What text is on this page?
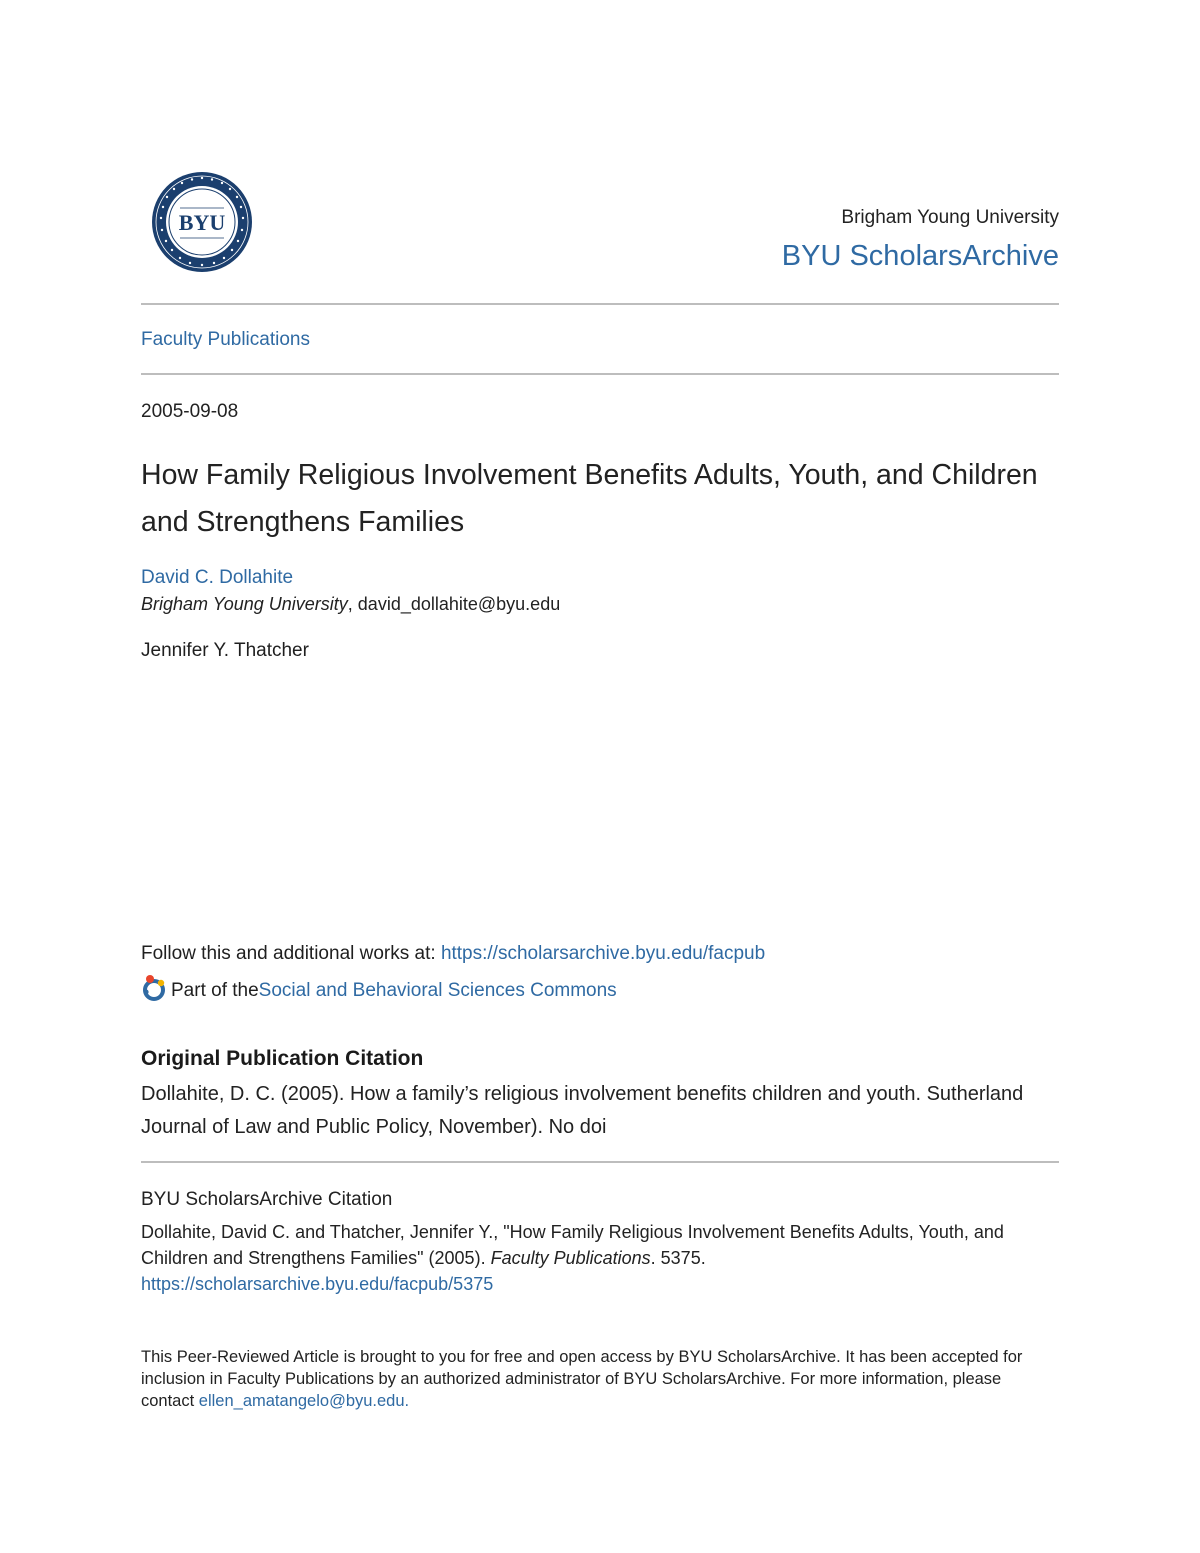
BYU	Brigham Young University
BYU ScholarsArchive
Faculty Publications
2005-09-08
How Family Religious Involvement Benefits Adults, Youth, and Children and Strengthens Families
David C. Dollahite
Brigham Young University, david_dollahite@byu.edu
Jennifer Y. Thatcher
Follow this and additional works at: https://scholarsarchive.byu.edu/facpub
Part of the Social and Behavioral Sciences Commons
Original Publication Citation
Dollahite, D. C. (2005). How a family’s religious involvement benefits children and youth. Sutherland Journal of Law and Public Policy, November). No doi
BYU ScholarsArchive Citation
Dollahite, David C. and Thatcher, Jennifer Y., "How Family Religious Involvement Benefits Adults, Youth, and Children and Strengthens Families" (2005). Faculty Publications. 5375.
https://scholarsarchive.byu.edu/facpub/5375
This Peer-Reviewed Article is brought to you for free and open access by BYU ScholarsArchive. It has been accepted for inclusion in Faculty Publications by an authorized administrator of BYU ScholarsArchive. For more information, please contact ellen_amatangelo@byu.edu.
